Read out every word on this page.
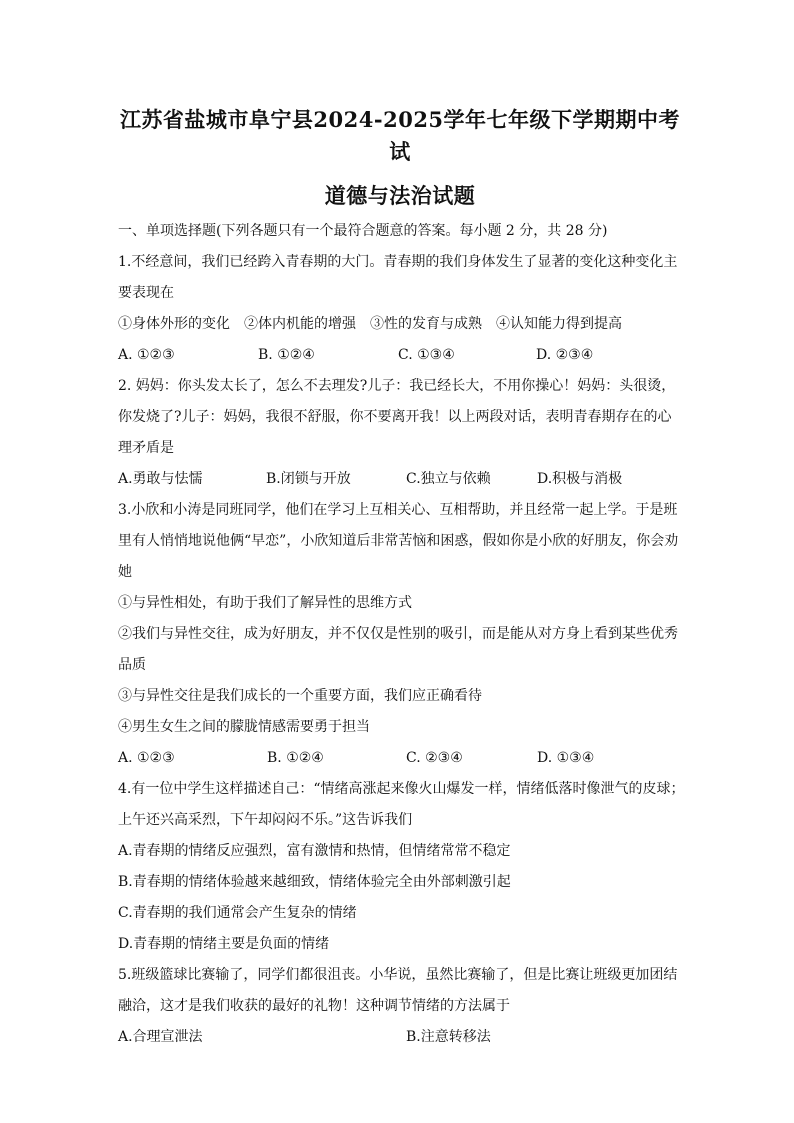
江苏省盐城市阜宁县2024-2025学年七年级下学期期中考试
道德与法治试题

一、单项选择题(下列各题只有一个最符合题意的答案。每小题 2 分，共 28 分)

1.不经意间，我们已经跨入青春期的大门。青春期的我们身体发生了显著的变化这种变化主

要表现在

①身体外形的变化　②体内机能的增强　③性的发育与成熟　④认知能力得到提高

A. ①②③	B. ①②④	C. ①③④	D. ②③④

2. 妈妈：你头发太长了，怎么不去理发?儿子：我已经长大，不用你操心！妈妈：头很烫，

你发烧了?儿子：妈妈，我很不舒服，你不要离开我！以上两段对话，表明青春期存在的心

理矛盾是

A.勇敢与怯懦	B.闭锁与开放	C.独立与依赖	D.积极与消极

3.小欣和小涛是同班同学，他们在学习上互相关心、互相帮助，并且经常一起上学。于是班

里有人悄悄地说他俩“早恋”，小欣知道后非常苦恼和困惑，假如你是小欣的好朋友，你会劝

她

①与异性相处，有助于我们了解异性的思维方式

②我们与异性交往，成为好朋友，并不仅仅是性别的吸引，而是能从对方身上看到某些优秀

品质

③与异性交往是我们成长的一个重要方面，我们应正确看待

④男生女生之间的朦胧情感需要勇于担当

A. ①②③	B. ①②④	C. ②③④	D. ①③④

4.有一位中学生这样描述自己：“情绪高涨起来像火山爆发一样，情绪低落时像泄气的皮球；

上午还兴高采烈，下午却闷闷不乐。”这告诉我们

A.青春期的情绪反应强烈，富有激情和热情，但情绪常常不稳定

B.青春期的情绪体验越来越细致，情绪体验完全由外部刺激引起

C.青春期的我们通常会产生复杂的情绪

D.青春期的情绪主要是负面的情绪

5.班级篮球比赛输了，同学们都很沮丧。小华说，虽然比赛输了，但是比赛让班级更加团结

融洽，这才是我们收获的最好的礼物！这种调节情绪的方法属于

A.合理宣泄法	B.注意转移法
